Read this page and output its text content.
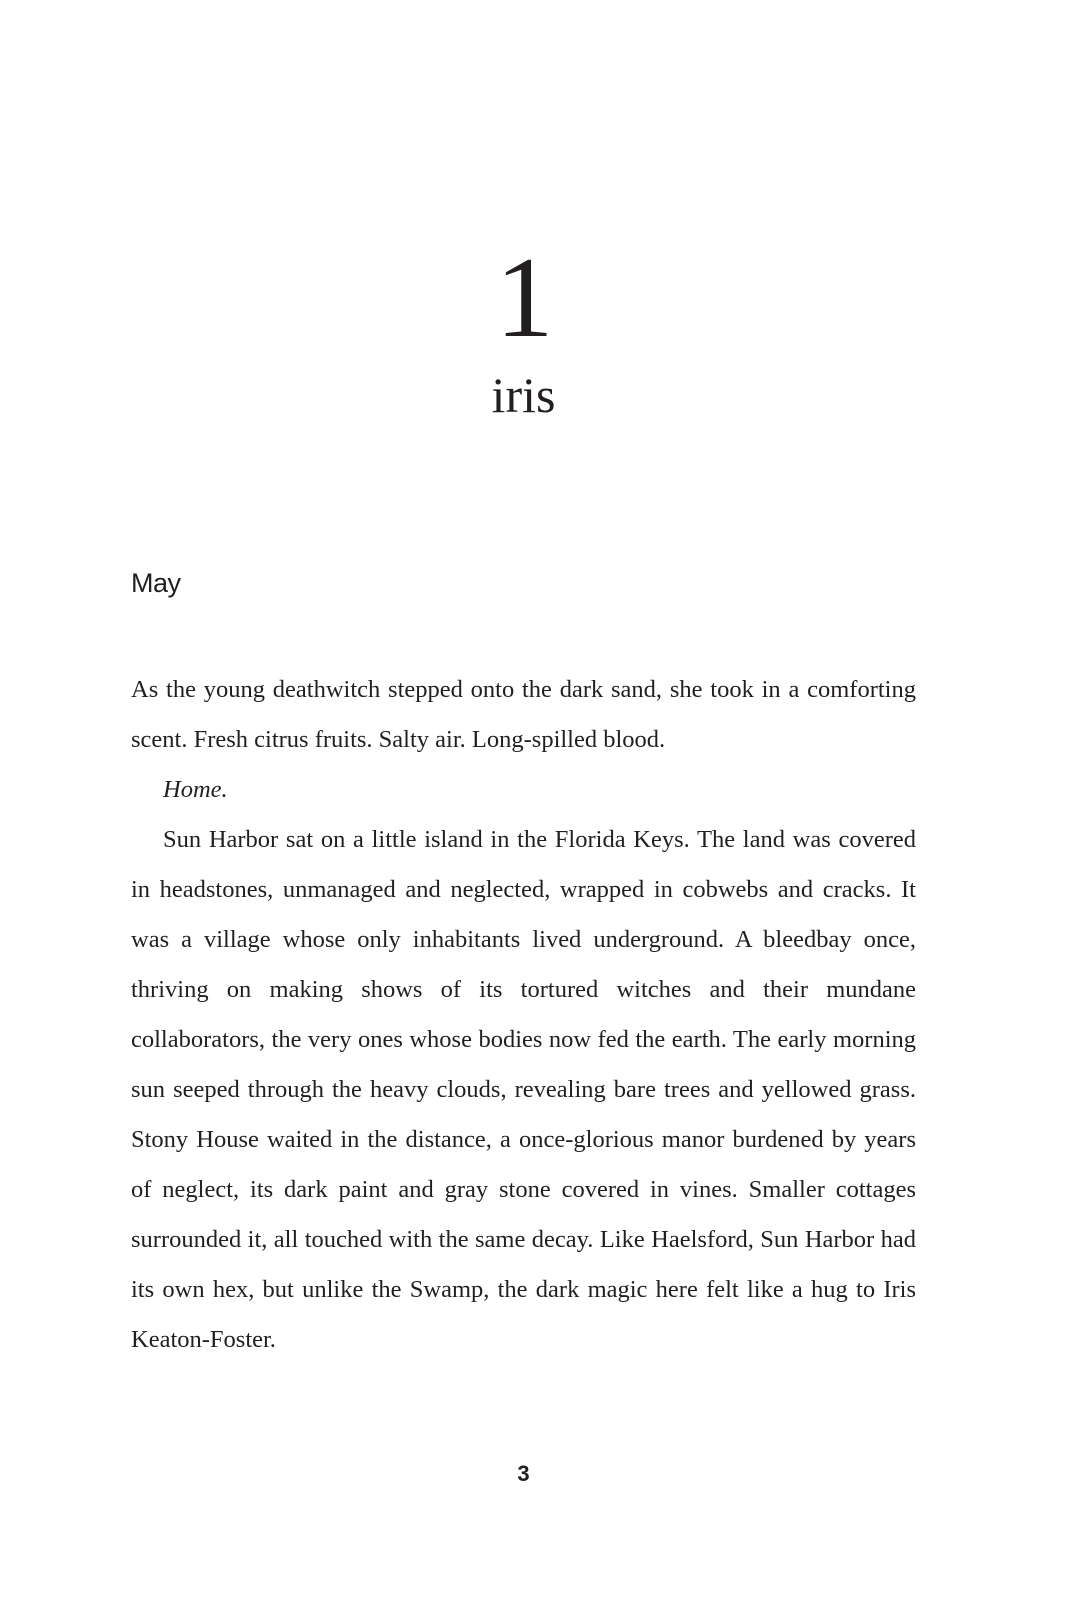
1
iris
May

As the young deathwitch stepped onto the dark sand, she took in a comforting scent. Fresh citrus fruits. Salty air. Long-spilled blood.

Home.

Sun Harbor sat on a little island in the Florida Keys. The land was covered in headstones, unmanaged and neglected, wrapped in cobwebs and cracks. It was a village whose only inhabitants lived underground. A bleedbay once, thriving on making shows of its tortured witches and their mundane collaborators, the very ones whose bodies now fed the earth. The early morning sun seeped through the heavy clouds, revealing bare trees and yellowed grass. Stony House waited in the distance, a once-glorious manor burdened by years of neglect, its dark paint and gray stone covered in vines. Smaller cottages surrounded it, all touched with the same decay. Like Haelsford, Sun Harbor had its own hex, but unlike the Swamp, the dark magic here felt like a hug to Iris Keaton-Foster.

3
